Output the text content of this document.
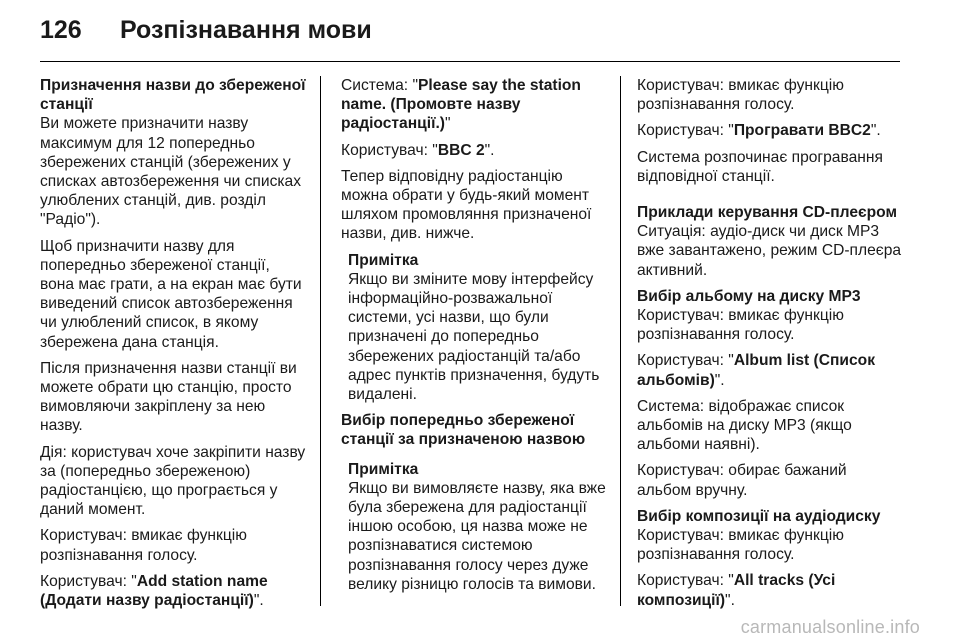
126	Розпізнавання мови

Призначення назви до збереженої станції

Ви можете призначити назву максимум для 12 попередньо збережених станцій (збережених у списках автозбереження чи списках улюблених станцій, див. розділ "Радіо").

Щоб призначити назву для попередньо збереженої станції, вона має грати, а на екран має бути виведений список автозбереження чи улюблений список, в якому збережена дана станція.

Після призначення назви станції ви можете обрати цю станцію, просто вимовляючи закріплену за нею назву.

Дія: користувач хоче закріпити назву за (попередньо збереженою) радіостанцією, що програється у даний момент.

Користувач: вмикає функцію розпізнавання голосу.

Користувач: "Add station name (Додати назву радіостанції)".

Система: "Please say the station name. (Промовте назву радіостанції.)"

Користувач: "BBC 2".

Тепер відповідну радіостанцію можна обрати у будь-який момент шляхом промовляння призначеної назви, див. нижче.

Примітка
Якщо ви зміните мову інтерфейсу інформаційно-розважальної системи, усі назви, що були призначені до попередньо збережених радіостанцій та/або адрес пунктів призначення, будуть видалені.

Вибір попередньо збереженої станції за призначеною назвою

Примітка
Якщо ви вимовляєте назву, яка вже була збережена для радіостанції іншою особою, ця назва може не розпізнаватися системою розпізнавання голосу через дуже велику різницю голосів та вимови.

Користувач: вмикає функцію розпізнавання голосу.

Користувач: "Програвати BBC2".

Система розпочинає програвання відповідної станції.

Приклади керування CD-плеєром

Ситуація: аудіо-диск чи диск MP3 вже завантажено, режим CD-плеєра активний.

Вибір альбому на диску MP3

Користувач: вмикає функцію розпізнавання голосу.

Користувач: "Album list (Список альбомів)".

Система: відображає список альбомів на диску MP3 (якщо альбоми наявні).

Користувач: обирає бажаний альбом вручну.

Вибір композиції на аудіодиску

Користувач: вмикає функцію розпізнавання голосу.

Користувач: "All tracks (Усі композиції)".

carmanualsonline.info
